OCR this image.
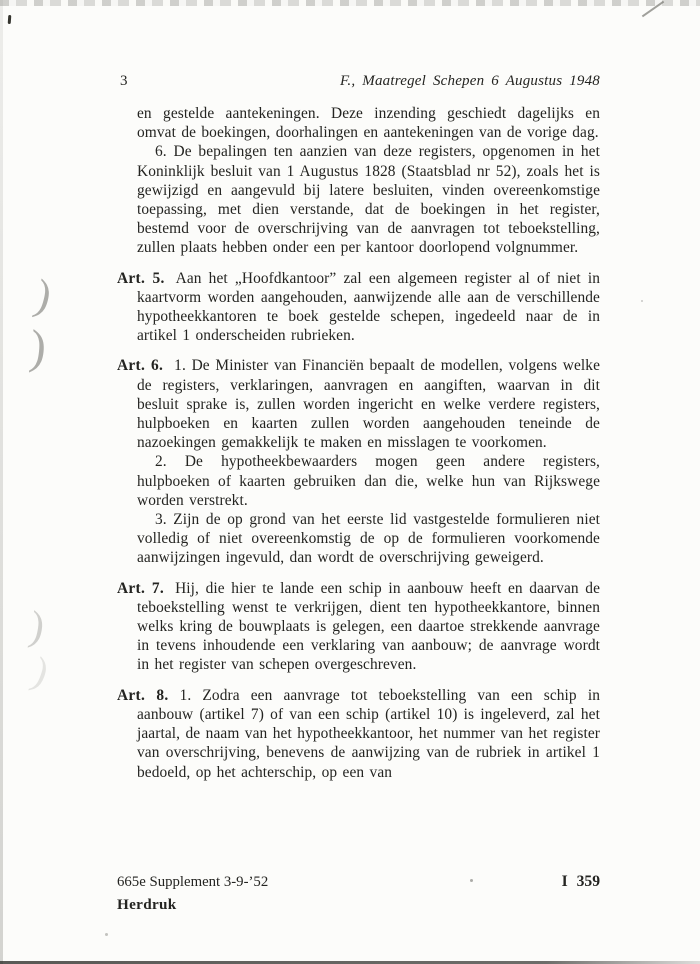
)
)
)
)
3	F., Maatregel Schepen 6 Augustus 1948

en gestelde aantekeningen. Deze inzending geschiedt dagelijks en omvat de boekingen, doorhalingen en aantekeningen van de vorige dag.

6. De bepalingen ten aanzien van deze registers, opgenomen in het Koninklijk besluit van 1 Augustus 1828 (Staatsblad nr 52), zoals het is gewijzigd en aangevuld bij latere besluiten, vinden overeenkomstige toepassing, met dien verstande, dat de boekingen in het register, bestemd voor de overschrijving van de aanvragen tot teboekstelling, zullen plaats hebben onder een per kantoor doorlopend volgnummer.

Art. 5. Aan het „Hoofdkantoor” zal een algemeen register al of niet in kaartvorm worden aangehouden, aanwijzende alle aan de verschillende hypotheekkantoren te boek gestelde schepen, ingedeeld naar de in artikel 1 onderscheiden rubrieken.

Art. 6. 1. De Minister van Financiën bepaalt de modellen, volgens welke de registers, verklaringen, aanvragen en aangiften, waarvan in dit besluit sprake is, zullen worden ingericht en welke verdere registers, hulpboeken en kaarten zullen worden aangehouden teneinde de nazoekingen gemakkelijk te maken en misslagen te voorkomen.

2. De hypotheekbewaarders mogen geen andere registers, hulpboeken of kaarten gebruiken dan die, welke hun van Rijkswege worden verstrekt.

3. Zijn de op grond van het eerste lid vastgestelde formulieren niet volledig of niet overeenkomstig de op de formulieren voorkomende aanwijzingen ingevuld, dan wordt de overschrijving geweigerd.

Art. 7. Hij, die hier te lande een schip in aanbouw heeft en daarvan de teboekstelling wenst te verkrijgen, dient ten hypotheekkantore, binnen welks kring de bouwplaats is gelegen, een daartoe strekkende aanvrage in tevens inhoudende een verklaring van aanbouw; de aanvrage wordt in het register van schepen overgeschreven.

Art. 8. 1. Zodra een aanvrage tot teboekstelling van een schip in aanbouw (artikel 7) of van een schip (artikel 10) is ingeleverd, zal het jaartal, de naam van het hypotheekkantoor, het nummer van het register van overschrijving, benevens de aanwijzing van de rubriek in artikel 1 bedoeld, op het achterschip, op een van

665e Supplement 3-9-’52	I 359
Herdruk
